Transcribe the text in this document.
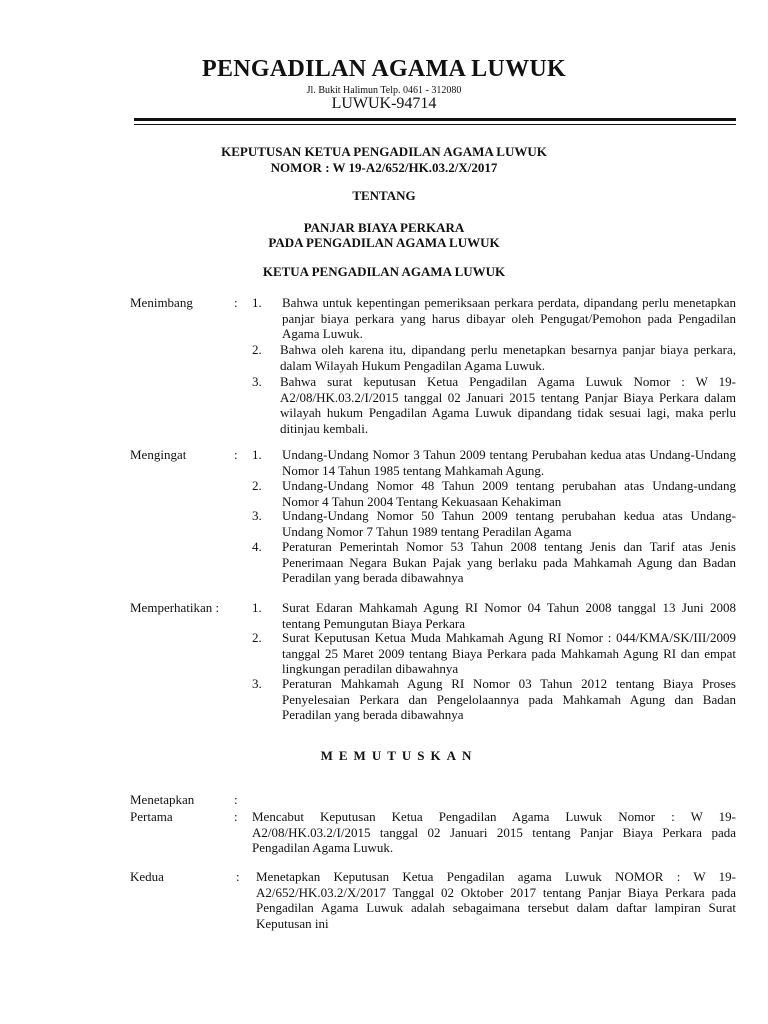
PENGADILAN AGAMA LUWUK
Jl. Bukit Halimun Telp. 0461 - 312080
LUWUK-94714
KEPUTUSAN KETUA PENGADILAN AGAMA LUWUK
NOMOR : W 19-A2/652/HK.03.2/X/2017
TENTANG
PANJAR BIAYA PERKARA
PADA PENGADILAN AGAMA LUWUK
KETUA PENGADILAN AGAMA LUWUK
Menimbang	: 1. Bahwa untuk kepentingan pemeriksaan perkara perdata, dipandang perlu menetapkan panjar biaya perkara yang harus dibayar oleh Pengugat/Pemohon pada Pengadilan Agama Luwuk.
2. Bahwa oleh karena itu, dipandang perlu menetapkan besarnya panjar biaya perkara, dalam Wilayah Hukum Pengadilan Agama Luwuk.
3. Bahwa surat keputusan Ketua Pengadilan Agama Luwuk Nomor : W 19-A2/08/HK.03.2/I/2015 tanggal 02 Januari 2015 tentang Panjar Biaya Perkara dalam wilayah hukum Pengadilan Agama Luwuk dipandang tidak sesuai lagi, maka perlu ditinjau kembali.
Mengingat	: 1. Undang-Undang Nomor 3 Tahun 2009 tentang Perubahan kedua atas Undang-Undang Nomor 14 Tahun 1985 tentang Mahkamah Agung.
2. Undang-Undang Nomor 48 Tahun 2009 tentang perubahan atas Undang-undang Nomor 4 Tahun 2004 Tentang Kekuasaan Kehakiman
3. Undang-Undang Nomor 50 Tahun 2009 tentang perubahan kedua atas Undang-Undang Nomor 7 Tahun 1989 tentang Peradilan Agama
4. Peraturan Pemerintah Nomor 53 Tahun 2008 tentang Jenis dan Tarif atas Jenis Penerimaan Negara Bukan Pajak yang berlaku pada Mahkamah Agung dan Badan Peradilan yang berada dibawahnya
Memperhatikan :	1. Surat Edaran Mahkamah Agung RI Nomor 04 Tahun 2008 tanggal 13 Juni 2008 tentang Pemungutan Biaya Perkara
2. Surat Keputusan Ketua Muda Mahkamah Agung RI Nomor : 044/KMA/SK/III/2009 tanggal 25 Maret 2009 tentang Biaya Perkara pada Mahkamah Agung RI dan empat lingkungan peradilan dibawahnya
3. Peraturan Mahkamah Agung RI Nomor 03 Tahun 2012 tentang Biaya Proses Penyelesaian Perkara dan Pengelolaannya pada Mahkamah Agung dan Badan Peradilan yang berada dibawahnya
MEMUTUSKAN
Menetapkan	:
Pertama	: Mencabut Keputusan Ketua Pengadilan Agama Luwuk Nomor : W 19-A2/08/HK.03.2/I/2015 tanggal 02 Januari 2015 tentang Panjar Biaya Perkara pada Pengadilan Agama Luwuk.
Kedua	: Menetapkan Keputusan Ketua Pengadilan agama Luwuk NOMOR : W 19-A2/652/HK.03.2/X/2017 Tanggal 02 Oktober 2017 tentang Panjar Biaya Perkara pada Pengadilan Agama Luwuk adalah sebagaimana tersebut dalam daftar lampiran Surat Keputusan ini
